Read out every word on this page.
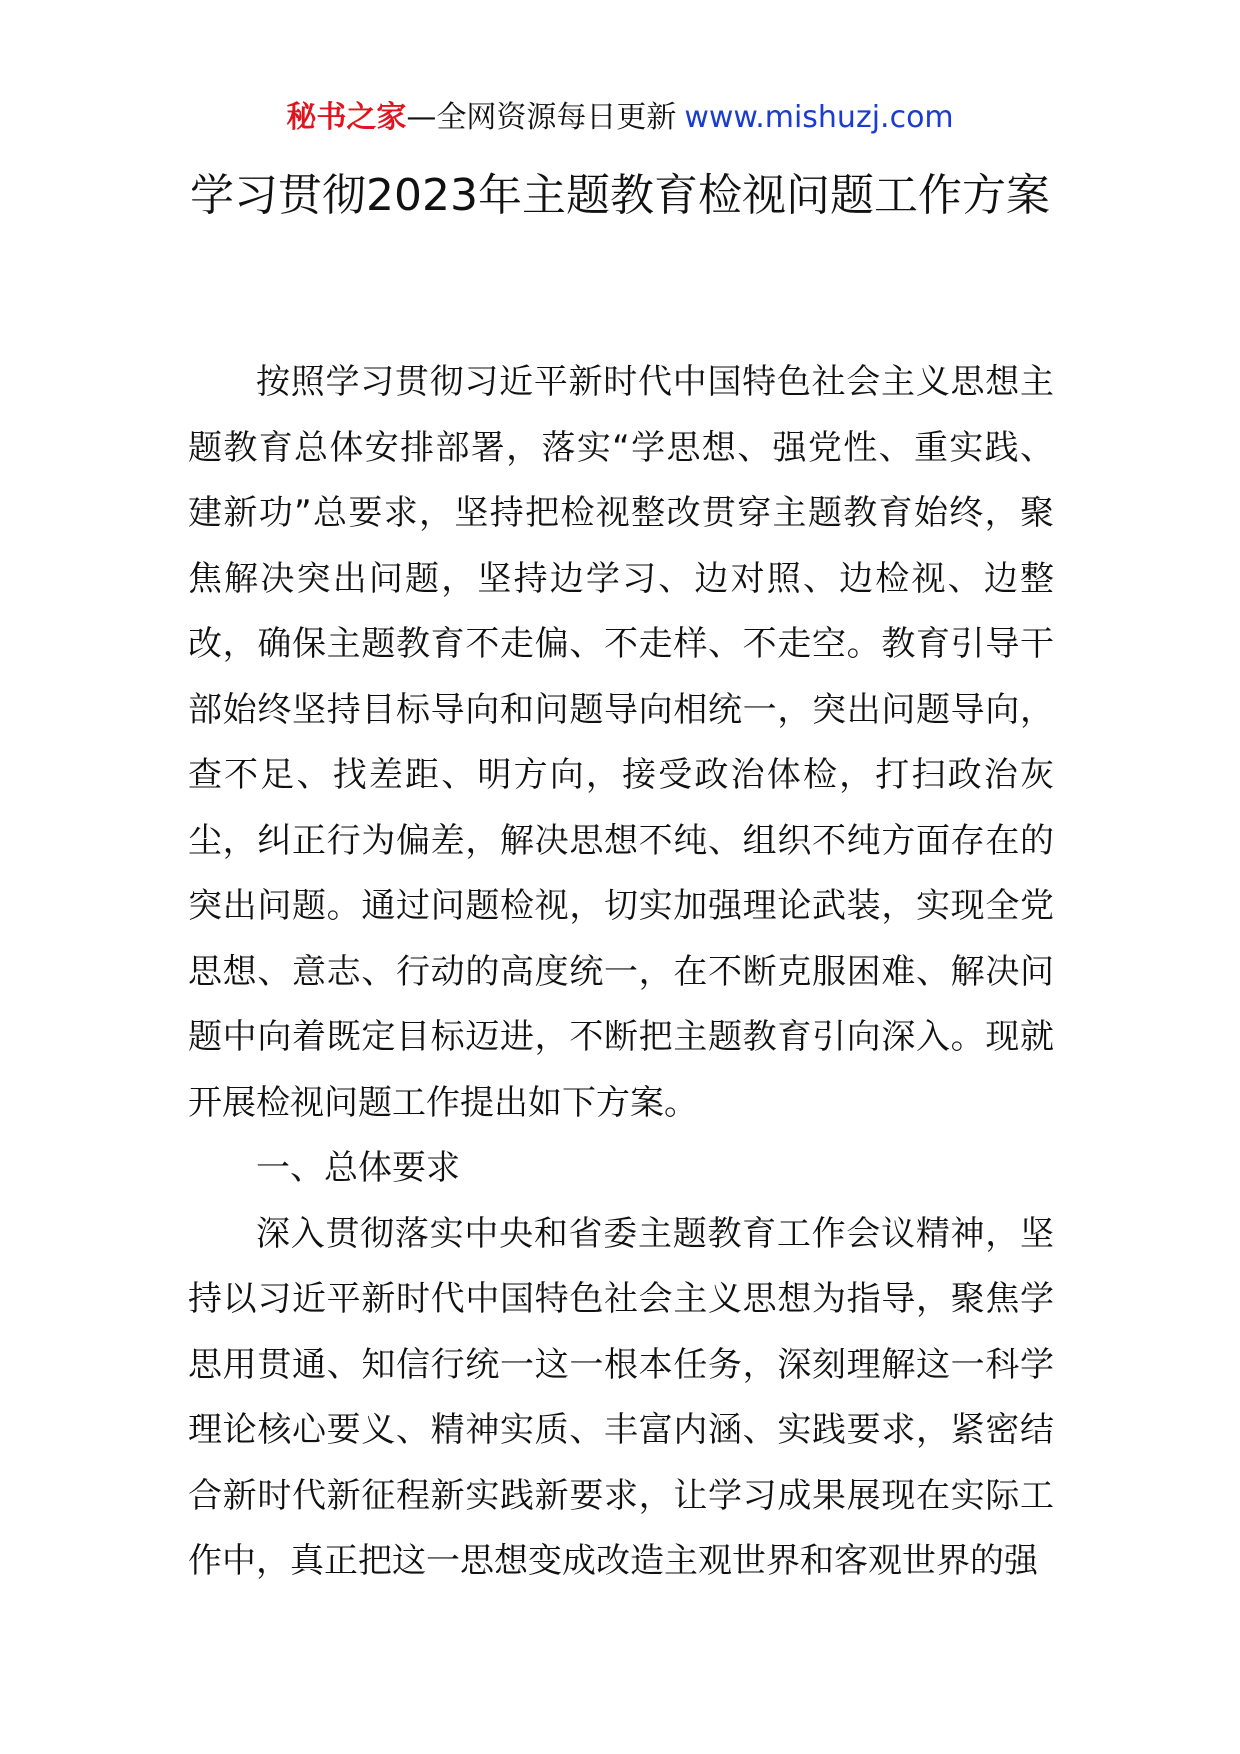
秘书之家—全网资源每日更新 www.mishuzj.com
学习贯彻2023年主题教育检视问题工作方案

按照学习贯彻习近平新时代中国特色社会主义思想主题教育总体安排部署，落实“学思想、强党性、重实践、建新功”总要求，坚持把检视整改贯穿主题教育始终，聚焦解决突出问题，坚持边学习、边对照、边检视、边整改，确保主题教育不走偏、不走样、不走空。教育引导干部始终坚持目标导向和问题导向相统一，突出问题导向，查不足、找差距、明方向，接受政治体检，打扫政治灰尘，纠正行为偏差，解决思想不纯、组织不纯方面存在的突出问题。通过问题检视，切实加强理论武装，实现全党思想、意志、行动的高度统一，在不断克服困难、解决问题中向着既定目标迈进，不断把主题教育引向深入。现就开展检视问题工作提出如下方案。

一、总体要求

深入贯彻落实中央和省委主题教育工作会议精神，坚持以习近平新时代中国特色社会主义思想为指导，聚焦学思用贯通、知信行统一这一根本任务，深刻理解这一科学理论核心要义、精神实质、丰富内涵、实践要求，紧密结合新时代新征程新实践新要求，让学习成果展现在实际工作中，真正把这一思想变成改造主观世界和客观世界的强
